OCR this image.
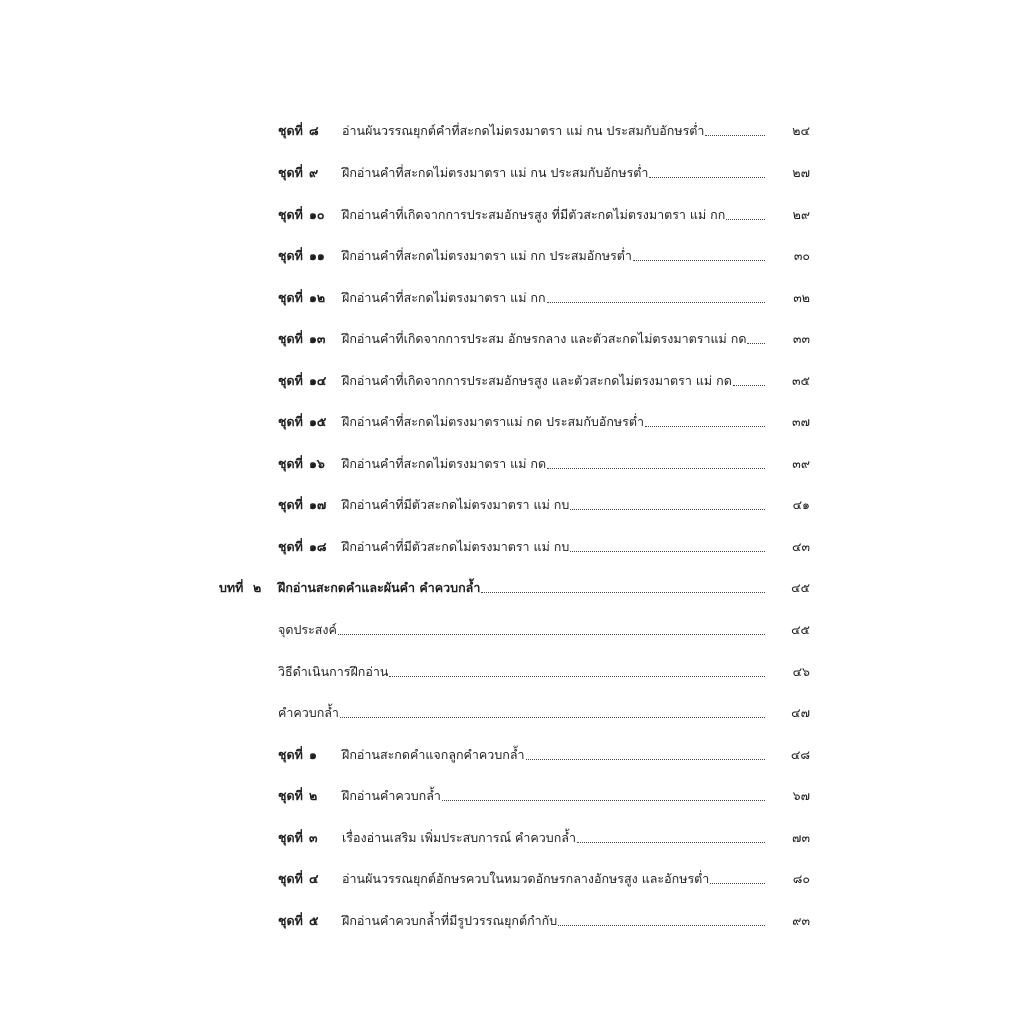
ชุดที่ ๘	อ่านผันวรรณยุกต์คำที่สะกดไม่ตรงมาตรา แม่ กน ประสมกับอักษรต่ำ	๒๔
ชุดที่ ๙	ฝึกอ่านคำที่สะกดไม่ตรงมาตรา แม่ กน ประสมกับอักษรต่ำ	๒๗
ชุดที่ ๑๐	ฝึกอ่านคำที่เกิดจากการประสมอักษรสูง ที่มีตัวสะกดไม่ตรงมาตรา แม่ กก	๒๙
ชุดที่ ๑๑	ฝึกอ่านคำที่สะกดไม่ตรงมาตรา แม่ กก ประสมอักษรต่ำ	๓๐
ชุดที่ ๑๒	ฝึกอ่านคำที่สะกดไม่ตรงมาตรา แม่ กก	๓๒
ชุดที่ ๑๓	ฝึกอ่านคำที่เกิดจากการประสม อักษรกลาง และตัวสะกดไม่ตรงมาตราแม่ กด	๓๓
ชุดที่ ๑๔	ฝึกอ่านคำที่เกิดจากการประสมอักษรสูง และตัวสะกดไม่ตรงมาตรา แม่ กด	๓๕
ชุดที่ ๑๕	ฝึกอ่านคำที่สะกดไม่ตรงมาตราแม่ กด ประสมกับอักษรต่ำ	๓๗
ชุดที่ ๑๖	ฝึกอ่านคำที่สะกดไม่ตรงมาตรา แม่ กด	๓๙
ชุดที่ ๑๗	ฝึกอ่านคำที่มีตัวสะกดไม่ตรงมาตรา แม่ กบ	๔๑
ชุดที่ ๑๘	ฝึกอ่านคำที่มีตัวสะกดไม่ตรงมาตรา แม่ กบ	๔๓
บทที่ ๒	ฝึกอ่านสะกดคำและผันคำ คำควบกล้ำ	๔๕
จุดประสงค์	๔๕
วิธีดำเนินการฝึกอ่าน	๔๖
คำควบกล้ำ	๔๗
ชุดที่ ๑	ฝึกอ่านสะกดคำแจกลูกคำควบกล้ำ	๔๘
ชุดที่ ๒	ฝึกอ่านคำควบกล้ำ	๖๗
ชุดที่ ๓	เรื่องอ่านเสริม เพิ่มประสบการณ์ คำควบกล้ำ	๗๓
ชุดที่ ๔	อ่านผันวรรณยุกต์อักษรควบในหมวดอักษรกลางอักษรสูง และอักษรต่ำ	๘๐
ชุดที่ ๕	ฝึกอ่านคำควบกล้ำที่มีรูปวรรณยุกต์กำกับ	๙๓
